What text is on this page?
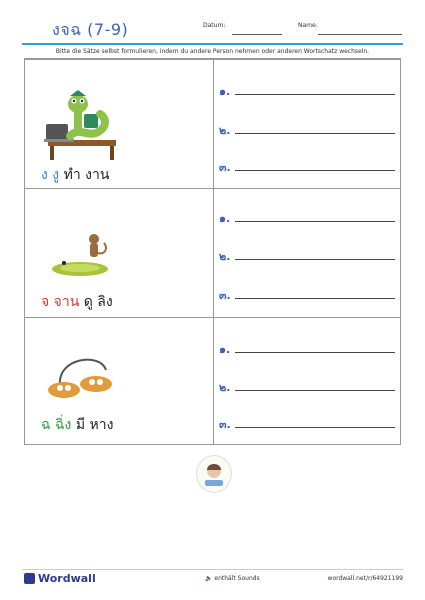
งจฉ (7-9)	Datum:	Name:
Bitte die Sätze selbst formulieren, indem du andere Person nehmen oder anderen Wortschatz wechseln.
ง งู ทำ งาน
๑.
๒.
๓.
จ จาน ดู ลิง
๑.
๒.
๓.
ฉ ฉิ่ง มี หาง
๑.
๒.
๓.
Wordwall	🔈 enthält Sounds	wordwall.net/r/64921199
